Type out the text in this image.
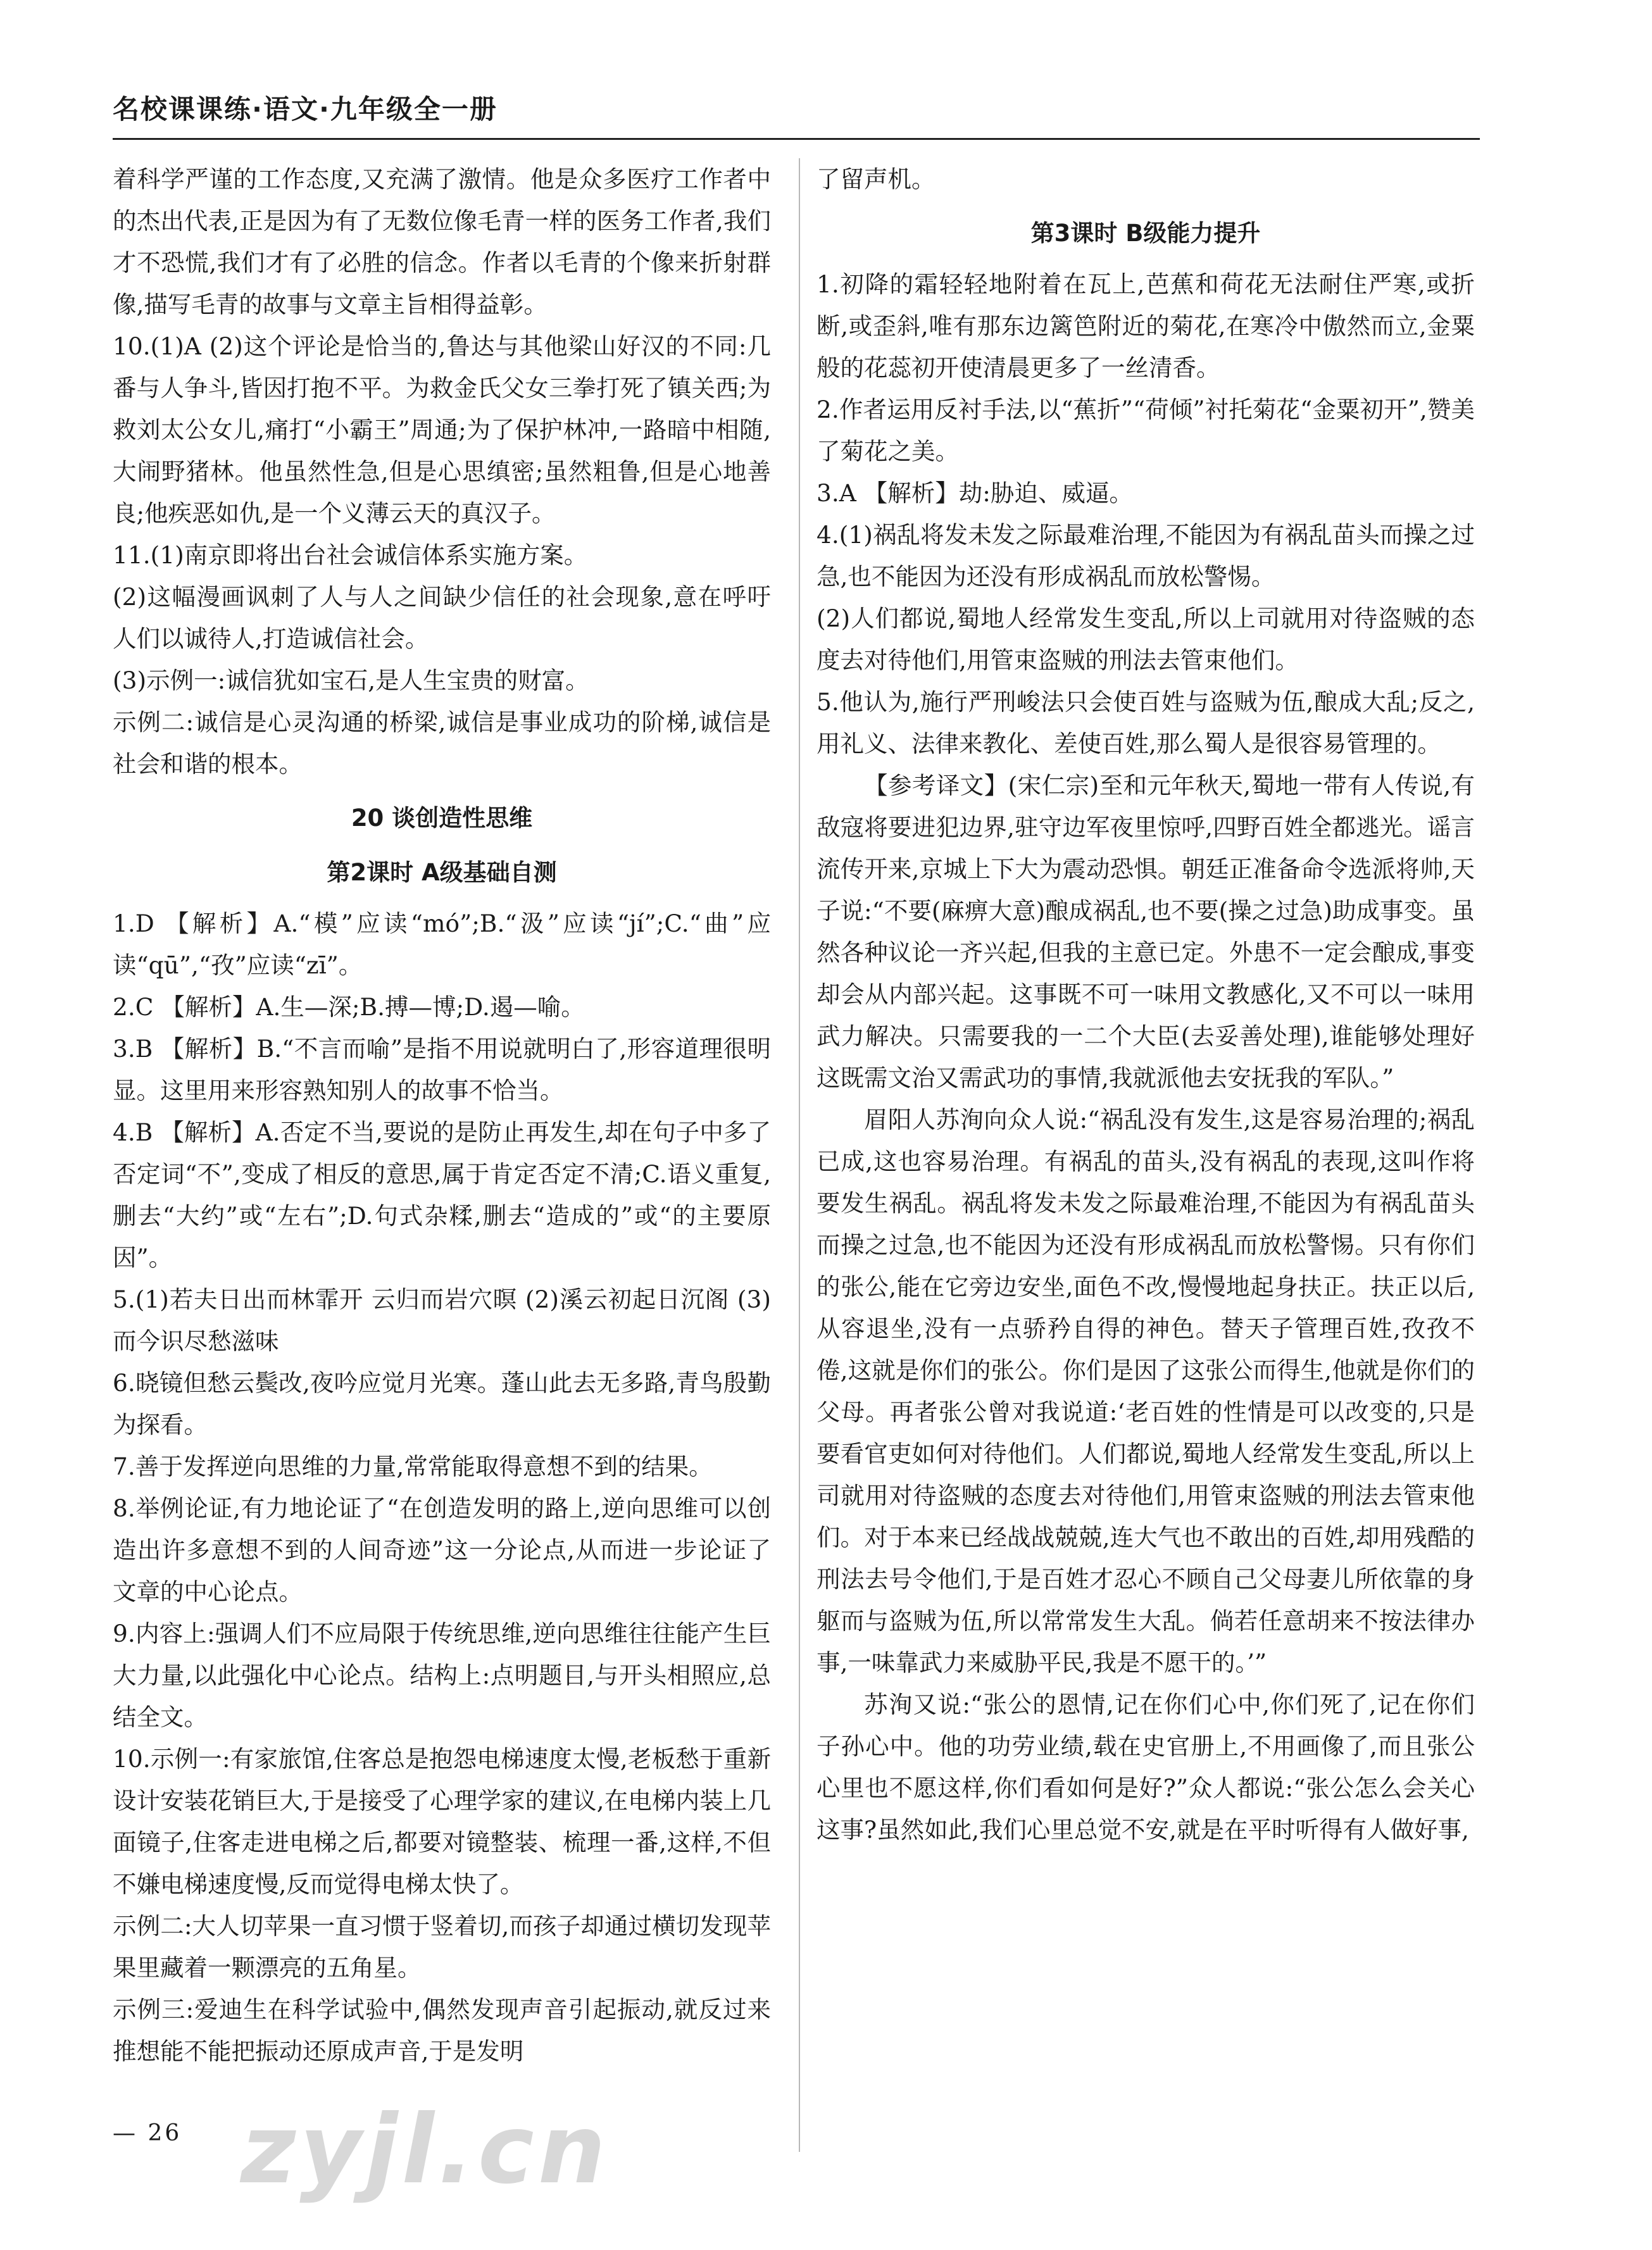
名校课课练·语文·九年级全一册

着科学严谨的工作态度,又充满了激情。他是众多医疗工作者中的杰出代表,正是因为有了无数位像毛青一样的医务工作者,我们才不恐慌,我们才有了必胜的信念。作者以毛青的个像来折射群像,描写毛青的故事与文章主旨相得益彰。

10.(1)A (2)这个评论是恰当的,鲁达与其他梁山好汉的不同:几番与人争斗,皆因打抱不平。为救金氏父女三拳打死了镇关西;为救刘太公女儿,痛打“小霸王”周通;为了保护林冲,一路暗中相随,大闹野猪林。他虽然性急,但是心思缜密;虽然粗鲁,但是心地善良;他疾恶如仇,是一个义薄云天的真汉子。

11.(1)南京即将出台社会诚信体系实施方案。

(2)这幅漫画讽刺了人与人之间缺少信任的社会现象,意在呼吁人们以诚待人,打造诚信社会。

(3)示例一:诚信犹如宝石,是人生宝贵的财富。

示例二:诚信是心灵沟通的桥梁,诚信是事业成功的阶梯,诚信是社会和谐的根本。

20 谈创造性思维

第2课时 A级基础自测

1.D 【解析】A.“模”应读“mó”;B.“汲”应读“jí”;C.“曲”应读“qū”,“孜”应读“zī”。

2.C 【解析】A.生—深;B.搏—博;D.遏—喻。

3.B 【解析】B.“不言而喻”是指不用说就明白了,形容道理很明显。这里用来形容熟知别人的故事不恰当。

4.B 【解析】A.否定不当,要说的是防止再发生,却在句子中多了否定词“不”,变成了相反的意思,属于肯定否定不清;C.语义重复,删去“大约”或“左右”;D.句式杂糅,删去“造成的”或“的主要原因”。

5.(1)若夫日出而林霏开 云归而岩穴暝 (2)溪云初起日沉阁 (3)而今识尽愁滋味

6.晓镜但愁云鬓改,夜吟应觉月光寒。蓬山此去无多路,青鸟殷勤为探看。

7.善于发挥逆向思维的力量,常常能取得意想不到的结果。

8.举例论证,有力地论证了“在创造发明的路上,逆向思维可以创造出许多意想不到的人间奇迹”这一分论点,从而进一步论证了文章的中心论点。

9.内容上:强调人们不应局限于传统思维,逆向思维往往能产生巨大力量,以此强化中心论点。结构上:点明题目,与开头相照应,总结全文。

10.示例一:有家旅馆,住客总是抱怨电梯速度太慢,老板愁于重新设计安装花销巨大,于是接受了心理学家的建议,在电梯内装上几面镜子,住客走进电梯之后,都要对镜整装、梳理一番,这样,不但不嫌电梯速度慢,反而觉得电梯太快了。

示例二:大人切苹果一直习惯于竖着切,而孩子却通过横切发现苹果里藏着一颗漂亮的五角星。

示例三:爱迪生在科学试验中,偶然发现声音引起振动,就反过来推想能不能把振动还原成声音,于是发明

了留声机。

第3课时 B级能力提升

1.初降的霜轻轻地附着在瓦上,芭蕉和荷花无法耐住严寒,或折断,或歪斜,唯有那东边篱笆附近的菊花,在寒冷中傲然而立,金粟般的花蕊初开使清晨更多了一丝清香。

2.作者运用反衬手法,以“蕉折”“荷倾”衬托菊花“金粟初开”,赞美了菊花之美。

3.A 【解析】劫:胁迫、威逼。

4.(1)祸乱将发未发之际最难治理,不能因为有祸乱苗头而操之过急,也不能因为还没有形成祸乱而放松警惕。

(2)人们都说,蜀地人经常发生变乱,所以上司就用对待盗贼的态度去对待他们,用管束盗贼的刑法去管束他们。

5.他认为,施行严刑峻法只会使百姓与盗贼为伍,酿成大乱;反之,用礼义、法律来教化、差使百姓,那么蜀人是很容易管理的。

【参考译文】(宋仁宗)至和元年秋天,蜀地一带有人传说,有敌寇将要进犯边界,驻守边军夜里惊呼,四野百姓全都逃光。谣言流传开来,京城上下大为震动恐惧。朝廷正准备命令选派将帅,天子说:“不要(麻痹大意)酿成祸乱,也不要(操之过急)助成事变。虽然各种议论一齐兴起,但我的主意已定。外患不一定会酿成,事变却会从内部兴起。这事既不可一味用文教感化,又不可以一味用武力解决。只需要我的一二个大臣(去妥善处理),谁能够处理好这既需文治又需武功的事情,我就派他去安抚我的军队。”

眉阳人苏洵向众人说:“祸乱没有发生,这是容易治理的;祸乱已成,这也容易治理。有祸乱的苗头,没有祸乱的表现,这叫作将要发生祸乱。祸乱将发未发之际最难治理,不能因为有祸乱苗头而操之过急,也不能因为还没有形成祸乱而放松警惕。只有你们的张公,能在它旁边安坐,面色不改,慢慢地起身扶正。扶正以后,从容退坐,没有一点骄矜自得的神色。替天子管理百姓,孜孜不倦,这就是你们的张公。你们是因了这张公而得生,他就是你们的父母。再者张公曾对我说道:‘老百姓的性情是可以改变的,只是要看官吏如何对待他们。人们都说,蜀地人经常发生变乱,所以上司就用对待盗贼的态度去对待他们,用管束盗贼的刑法去管束他们。对于本来已经战战兢兢,连大气也不敢出的百姓,却用残酷的刑法去号令他们,于是百姓才忍心不顾自己父母妻儿所依靠的身躯而与盗贼为伍,所以常常发生大乱。倘若任意胡来不按法律办事,一味靠武力来威胁平民,我是不愿干的。’”

苏洵又说:“张公的恩情,记在你们心中,你们死了,记在你们子孙心中。他的功劳业绩,载在史官册上,不用画像了,而且张公心里也不愿这样,你们看如何是好?”众人都说:“张公怎么会关心这事?虽然如此,我们心里总觉不安,就是在平时听得有人做好事,

— 26 zyjl.cn
